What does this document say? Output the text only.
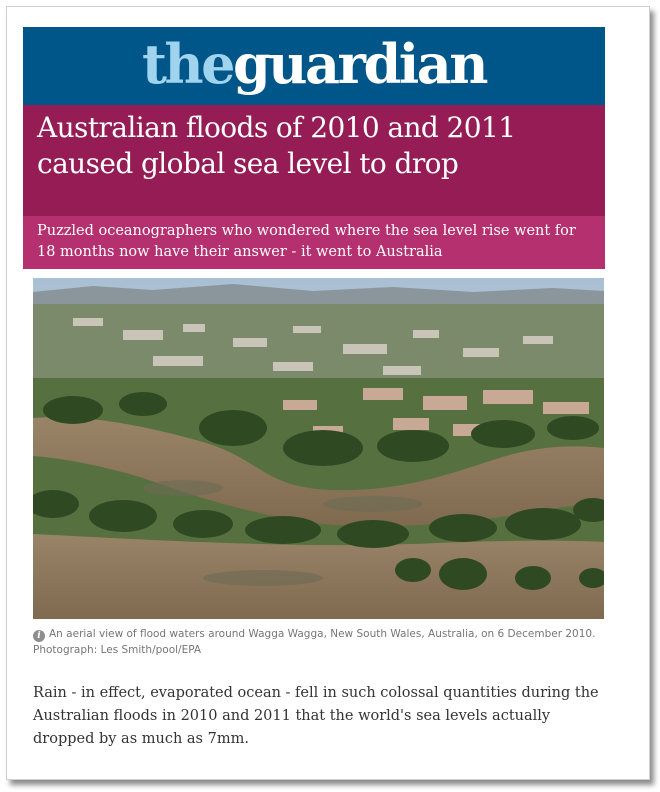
theguardian
Australian floods of 2010 and 2011 caused global sea level to drop

Puzzled oceanographers who wondered where the sea level rise went for 18 months now have their answer - it went to Australia

i An aerial view of flood waters around Wagga Wagga, New South Wales, Australia, on 6 December 2010. Photograph: Les Smith/pool/EPA

Rain - in effect, evaporated ocean - fell in such colossal quantities during the Australian floods in 2010 and 2011 that the world's sea levels actually dropped by as much as 7mm.
